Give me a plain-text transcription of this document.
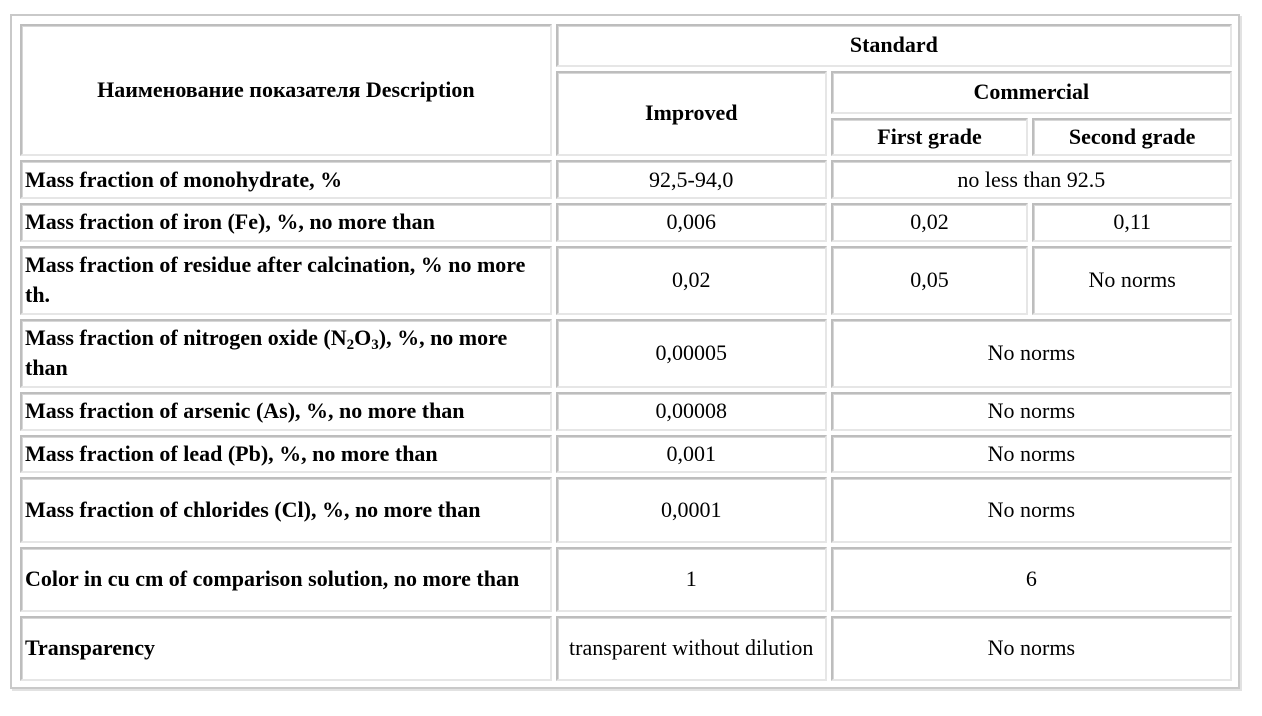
Наименование показателя Description	Standard		
	Improved	Commercial	
		First grade	Second grade
Mass fraction of monohydrate, %	92,5-94,0	no less than 92.5	
Mass fraction of iron (Fe), %, no more than	0,006	0,02	0,11
Mass fraction of residue after calcination, % no more th.	0,02	0,05	No norms
Mass fraction of nitrogen oxide $(N_2O_3)$, %, no more than	0,00005	No norms	
Mass fraction of arsenic (As), %, no more than	0,00008	No norms	
Mass fraction of lead (Pb), %, no more than	0,001	No norms	
Mass fraction of chlorides (Cl), %, no more than	0,0001	No norms	
Color in cu cm of comparison solution, no more than	1	6	
Transparency	transparent without dilution	No norms	
